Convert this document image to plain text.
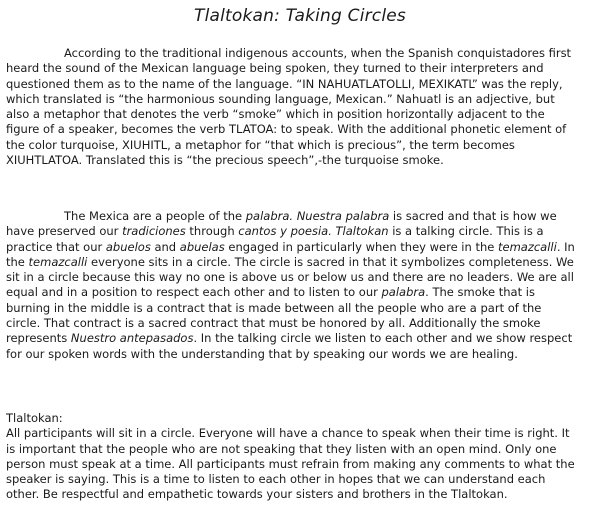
Tlaltokan: Taking Circles

According to the traditional indigenous accounts, when the Spanish conquistadores first heard the sound of the Mexican language being spoken, they turned to their interpreters and questioned them as to the name of the language. “IN NAHUATLATOLLI, MEXIKATL” was the reply, which translated is “the harmonious sounding language, Mexican.” Nahuatl is an adjective, but also a metaphor that denotes the verb “smoke” which in position horizontally adjacent to the figure of a speaker, becomes the verb TLATOA: to speak. With the additional phonetic element of the color turquoise, XIUHITL, a metaphor for “that which is precious”, the term becomes XIUHTLATOA. Translated this is “the precious speech”,-the turquoise smoke.

The Mexica are a people of the palabra. Nuestra palabra is sacred and that is how we have preserved our tradiciones through cantos y poesia. Tlaltokan is a talking circle. This is a practice that our abuelos and abuelas engaged in particularly when they were in the temazcalli. In the temazcalli everyone sits in a circle. The circle is sacred in that it symbolizes completeness. We sit in a circle because this way no one is above us or below us and there are no leaders. We are all equal and in a position to respect each other and to listen to our palabra. The smoke that is burning in the middle is a contract that is made between all the people who are a part of the circle. That contract is a sacred contract that must be honored by all. Additionally the smoke represents Nuestro antepasados. In the talking circle we listen to each other and we show respect for our spoken words with the understanding that by speaking our words we are healing.

Tlaltokan:
All participants will sit in a circle. Everyone will have a chance to speak when their time is right. It is important that the people who are not speaking that they listen with an open mind. Only one person must speak at a time. All participants must refrain from making any comments to what the speaker is saying. This is a time to listen to each other in hopes that we can understand each other. Be respectful and empathetic towards your sisters and brothers in the Tlaltokan.
